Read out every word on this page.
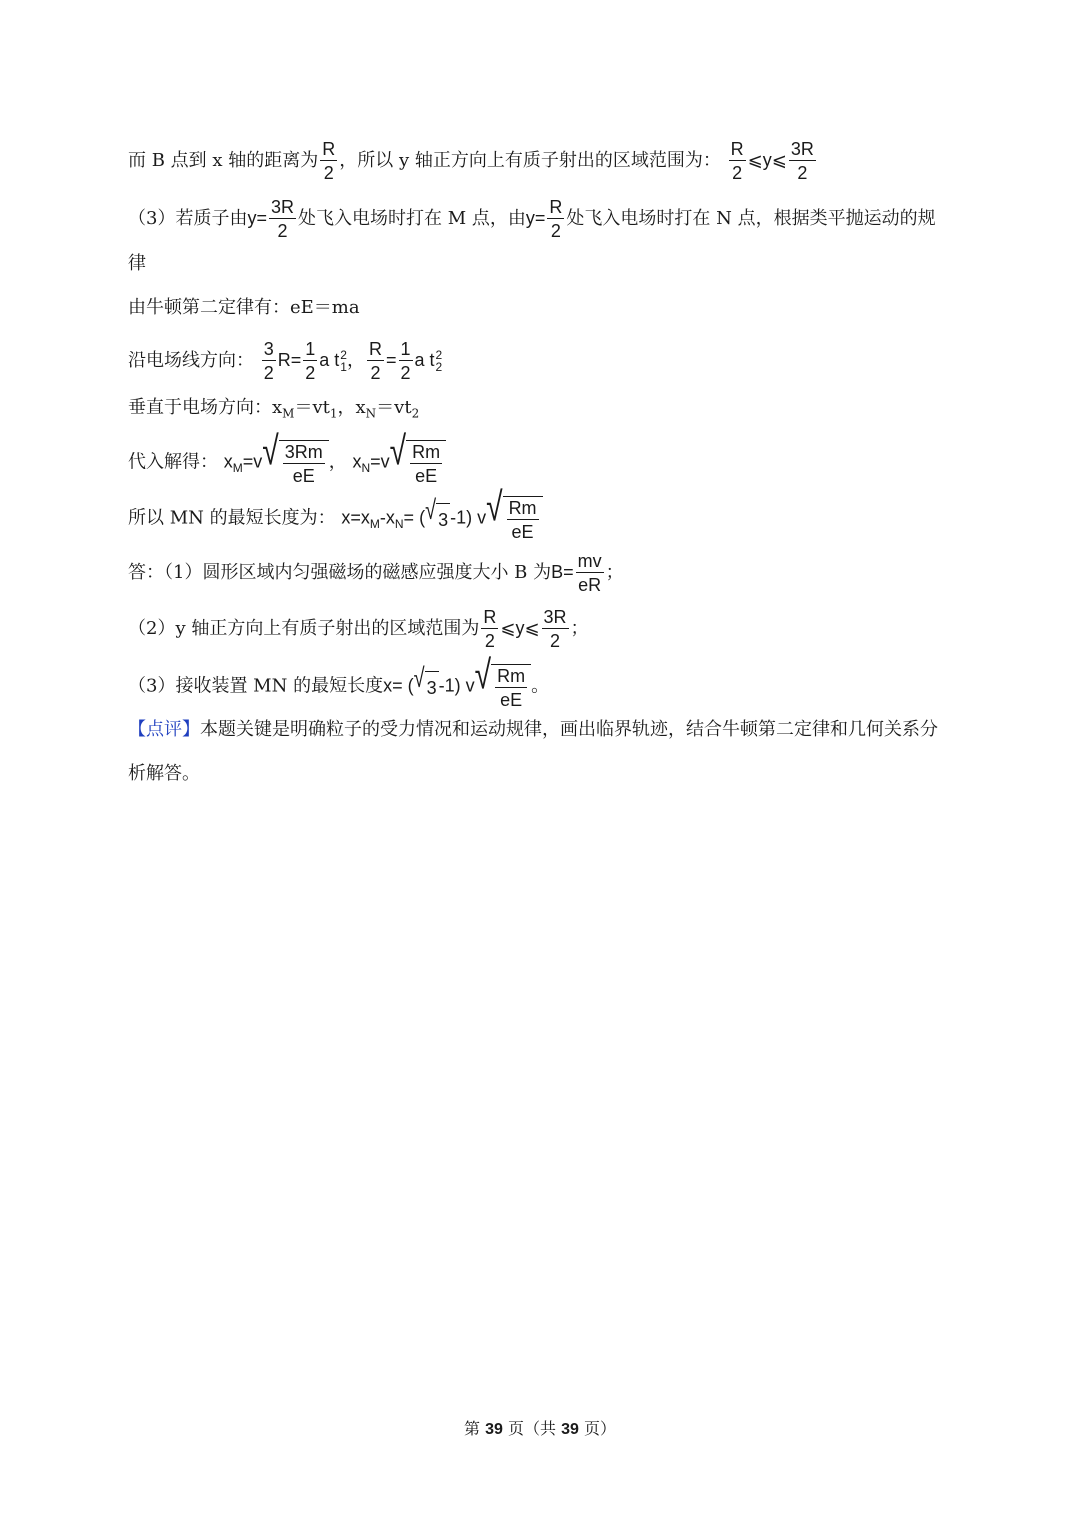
而 B 点到 x 轴的距离为 $\frac{R}{2}$ ，所以 y 轴正方向上有质子射出的区域范围为： $\frac{R}{2}$ ⩽y⩽ $\frac{3R}{2}$
（3）若质子由$y= \frac{3R}{2}$ 处飞入电场时打在 M 点，由$y= \frac{R}{2}$ 处飞入电场时打在 N 点，根据类平抛运动的规
律
由牛顿第二定律有：eE＝ma
沿电场线方向： $\frac{3}{2} R= \frac{1}{2}$ a t 2
1 ， $\frac{R}{2} = \frac{1}{2}$ a t 2
2
垂直于电场方向：$x_M=vt_1$，$x_N=vt_2$
代入解得： $x_M=v$ √ $\frac{3Rm}{eE}$ ， $x_N=v$ √ $\frac{Rm}{eE}$
所以 MN 的最短长度为： $x=x_M-x_N=$ ( √ 3 -1) v √ $\frac{Rm}{eE}$
答：（1）圆形区域内匀强磁场的磁感应强度大小 B 为$B= \frac{mv}{eR}$ ；
（2）y 轴正方向上有质子射出的区域范围为 $\frac{R}{2}$ ⩽y⩽ $\frac{3R}{2}$ ；
（3）接收装置 MN 的最短长度x= ( √ 3 -1) v √ $\frac{Rm}{eE}$ 。
【点评】本题关键是明确粒子的受力情况和运动规律，画出临界轨迹，结合牛顿第二定律和几何关系分
析解答。
第 39 页（共 39 页）
